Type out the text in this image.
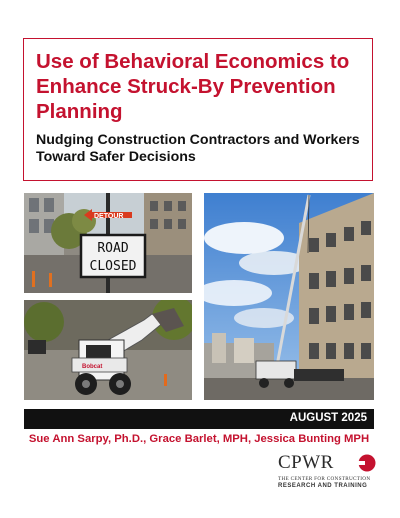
Use of Behavioral Economics to Enhance Struck-By Prevention Planning

Nudging Construction Contractors and Workers Toward Safer Decisions

DETOUR
ROAD
CLOSED
Bobcat
AUGUST 2025
Sue Ann Sarpy, Ph.D., Grace Barlet, MPH, Jessica Bunting MPH
CPWR
THE CENTER FOR CONSTRUCTION
RESEARCH AND TRAINING
